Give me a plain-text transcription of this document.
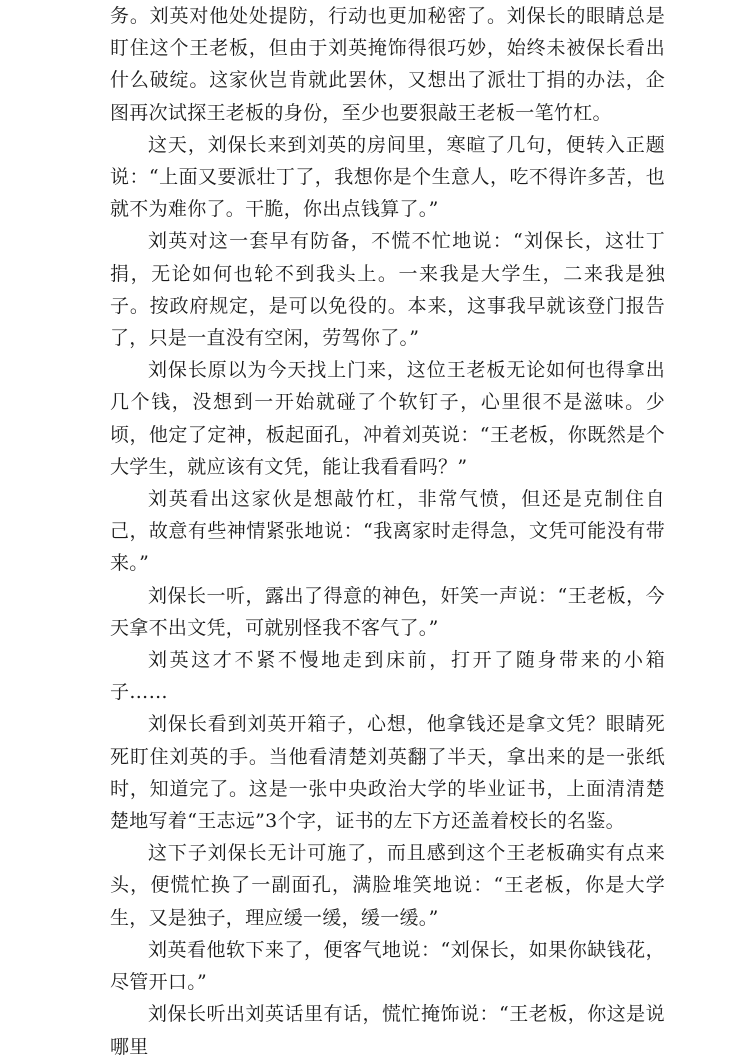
务。刘英对他处处提防，行动也更加秘密了。刘保长的眼睛总是盯住这个王老板，但由于刘英掩饰得很巧妙，始终未被保长看出什么破绽。这家伙岂肯就此罢休，又想出了派壮丁捐的办法，企图再次试探王老板的身份，至少也要狠敲王老板一笔竹杠。

这天，刘保长来到刘英的房间里，寒暄了几句，便转入正题说：“上面又要派壮丁了，我想你是个生意人，吃不得许多苦，也就不为难你了。干脆，你出点钱算了。”

刘英对这一套早有防备，不慌不忙地说：“刘保长，这壮丁捐，无论如何也轮不到我头上。一来我是大学生，二来我是独子。按政府规定，是可以免役的。本来，这事我早就该登门报告了，只是一直没有空闲，劳驾你了。”

刘保长原以为今天找上门来，这位王老板无论如何也得拿出几个钱，没想到一开始就碰了个软钉子，心里很不是滋味。少顷，他定了定神，板起面孔，冲着刘英说：“王老板，你既然是个大学生，就应该有文凭，能让我看看吗？”

刘英看出这家伙是想敲竹杠，非常气愤，但还是克制住自己，故意有些神情紧张地说：“我离家时走得急，文凭可能没有带来。”

刘保长一听，露出了得意的神色，奸笑一声说：“王老板，今天拿不出文凭，可就别怪我不客气了。”

刘英这才不紧不慢地走到床前，打开了随身带来的小箱子……

刘保长看到刘英开箱子，心想，他拿钱还是拿文凭？眼睛死死盯住刘英的手。当他看清楚刘英翻了半天，拿出来的是一张纸时，知道完了。这是一张中央政治大学的毕业证书，上面清清楚楚地写着“王志远”3个字，证书的左下方还盖着校长的名鉴。

这下子刘保长无计可施了，而且感到这个王老板确实有点来头，便慌忙换了一副面孔，满脸堆笑地说：“王老板，你是大学生，又是独子，理应缓一缓，缓一缓。”

刘英看他软下来了，便客气地说：“刘保长，如果你缺钱花，尽管开口。”

刘保长听出刘英话里有话，慌忙掩饰说：“王老板，你这是说哪里
